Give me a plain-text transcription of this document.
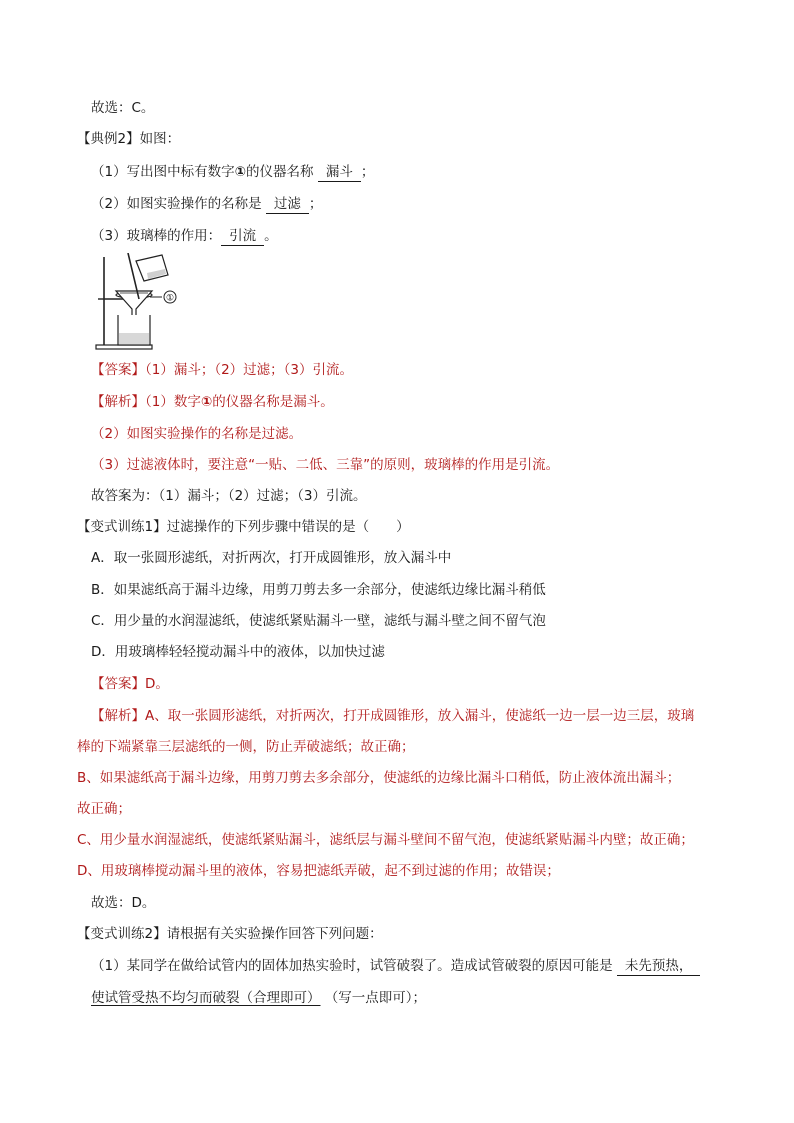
故选：C。
【典例2】如图：
（1）写出图中标有数字①的仪器名称 漏斗 ；
（2）如图实验操作的名称是 过滤 ；
（3）玻璃棒的作用： 引流 。
①
【答案】（1）漏斗；（2）过滤；（3）引流。
【解析】（1）数字①的仪器名称是漏斗。
（2）如图实验操作的名称是过滤。
（3）过滤液体时，要注意“一贴、二低、三靠”的原则，玻璃棒的作用是引流。
故答案为：（1）漏斗；（2）过滤；（3）引流。
【变式训练1】过滤操作的下列步骤中错误的是（　　）
A．取一张圆形滤纸，对折两次，打开成圆锥形，放入漏斗中
B．如果滤纸高于漏斗边缘，用剪刀剪去多一余部分，使滤纸边缘比漏斗稍低
C．用少量的水润湿滤纸，使滤纸紧贴漏斗一壁，滤纸与漏斗壁之间不留气泡
D．用玻璃棒轻轻搅动漏斗中的液体，以加快过滤
【答案】D。
【解析】A、取一张圆形滤纸，对折两次，打开成圆锥形，放入漏斗，使滤纸一边一层一边三层，玻璃
棒的下端紧靠三层滤纸的一侧，防止弄破滤纸；故正确；
B、如果滤纸高于漏斗边缘，用剪刀剪去多余部分，使滤纸的边缘比漏斗口稍低，防止液体流出漏斗；
故正确；
C、用少量水润湿滤纸，使滤纸紧贴漏斗，滤纸层与漏斗壁间不留气泡，使滤纸紧贴漏斗内壁；故正确；
D、用玻璃棒搅动漏斗里的液体，容易把滤纸弄破，起不到过滤的作用；故错误；
故选：D。
【变式训练2】请根据有关实验操作回答下列问题：
（1）某同学在做给试管内的固体加热实验时，试管破裂了。造成试管破裂的原因可能是 未先预热，
使试管受热不均匀而破裂（合理即可） （写一点即可）；
